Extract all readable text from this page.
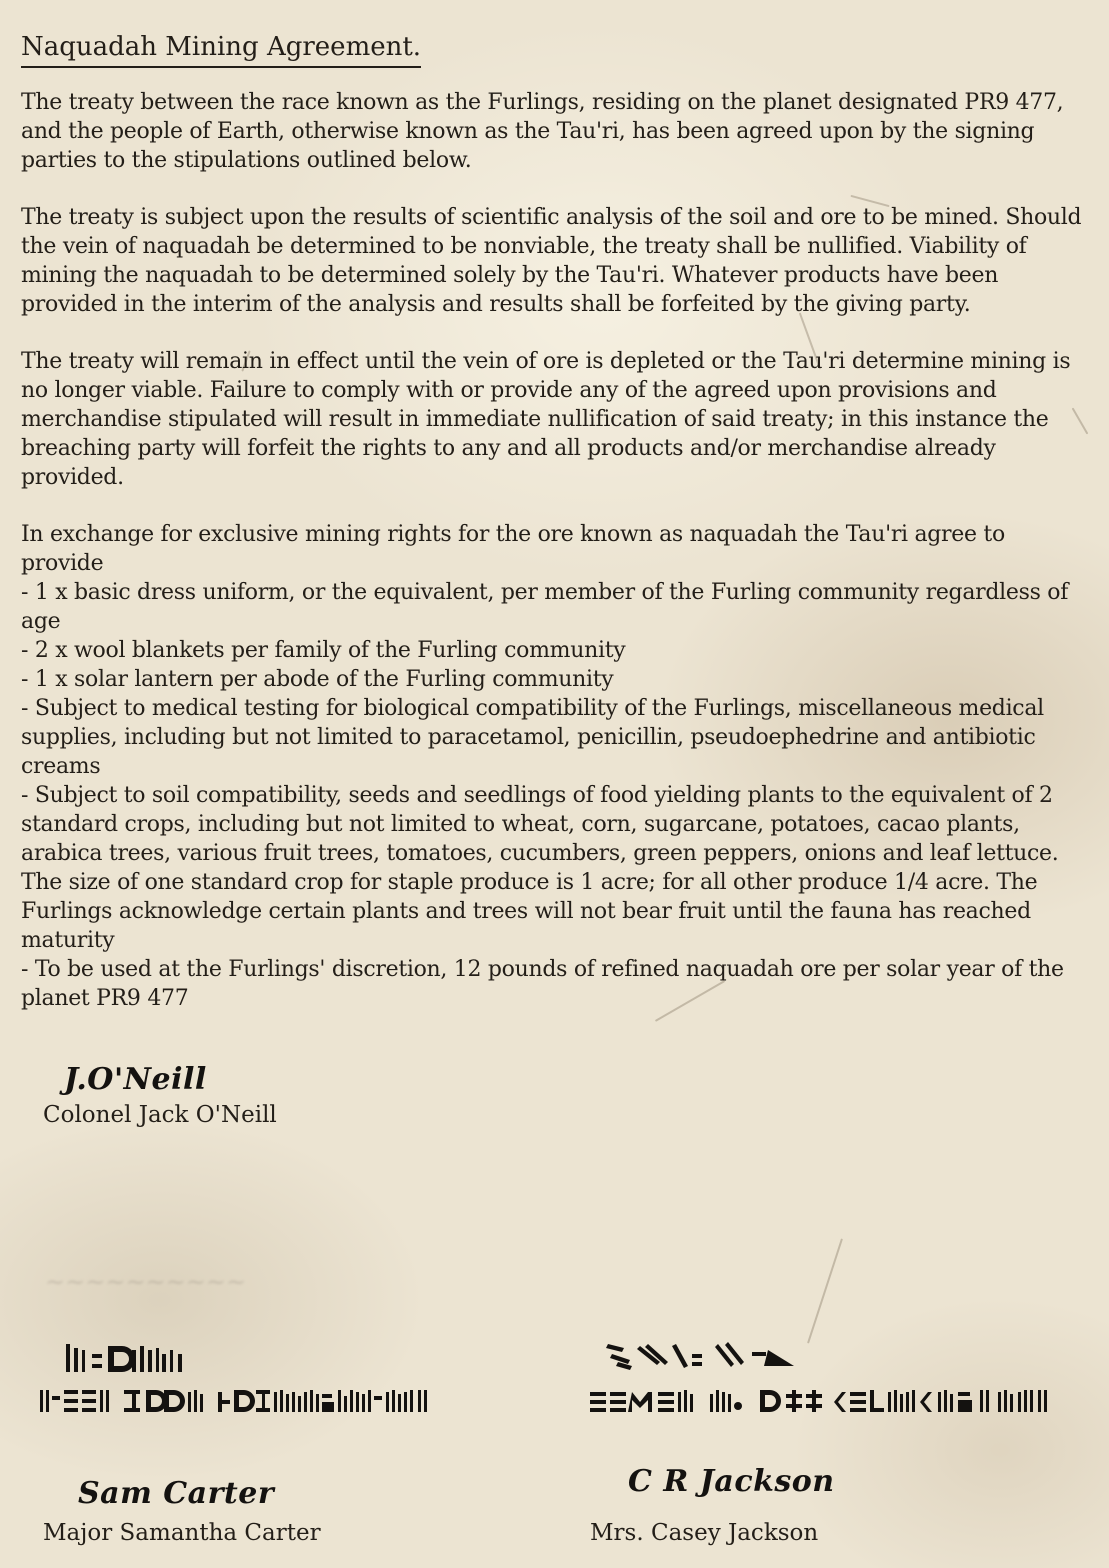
Naquadah Mining Agreement.

The treaty between the race known as the Furlings, residing on the planet designated PR9 477, and the people of Earth, otherwise known as the Tau'ri, has been agreed upon by the signing parties to the stipulations outlined below.

The treaty is subject upon the results of scientific analysis of the soil and ore to be mined. Should the vein of naquadah be determined to be nonviable, the treaty shall be nullified. Viability of mining the naquadah to be determined solely by the Tau'ri. Whatever products have been provided in the interim of the analysis and results shall be forfeited by the giving party.

The treaty will remain in effect until the vein of ore is depleted or the Tau'ri determine mining is no longer viable. Failure to comply with or provide any of the agreed upon provisions and merchandise stipulated will result in immediate nullification of said treaty; in this instance the breaching party will forfeit the rights to any and all products and/or merchandise already provided.

In exchange for exclusive mining rights for the ore known as naquadah the Tau'ri agree to provide

- 1 x basic dress uniform, or the equivalent, per member of the Furling community regardless of age
- 2 x wool blankets per family of the Furling community
- 1 x solar lantern per abode of the Furling community
- Subject to medical testing for biological compatibility of the Furlings, miscellaneous medical supplies, including but not limited to paracetamol, penicillin, pseudoephedrine and antibiotic creams
- Subject to soil compatibility, seeds and seedlings of food yielding plants to the equivalent of 2 standard crops, including but not limited to wheat, corn, sugarcane, potatoes, cacao plants, arabica trees, various fruit trees, tomatoes, cucumbers, green peppers, onions and leaf lettuce. The size of one standard crop for staple produce is 1 acre; for all other produce 1/4 acre. The Furlings acknowledge certain plants and trees will not bear fruit until the fauna has reached maturity
- To be used at the Furlings' discretion, 12 pounds of refined naquadah ore per solar year of the planet PR9 477
J.O'Neill
Colonel Jack O'Neill
~~~~~~~~~~
Sam Carter
Major Samantha Carter
C R Jackson
Mrs. Casey Jackson
